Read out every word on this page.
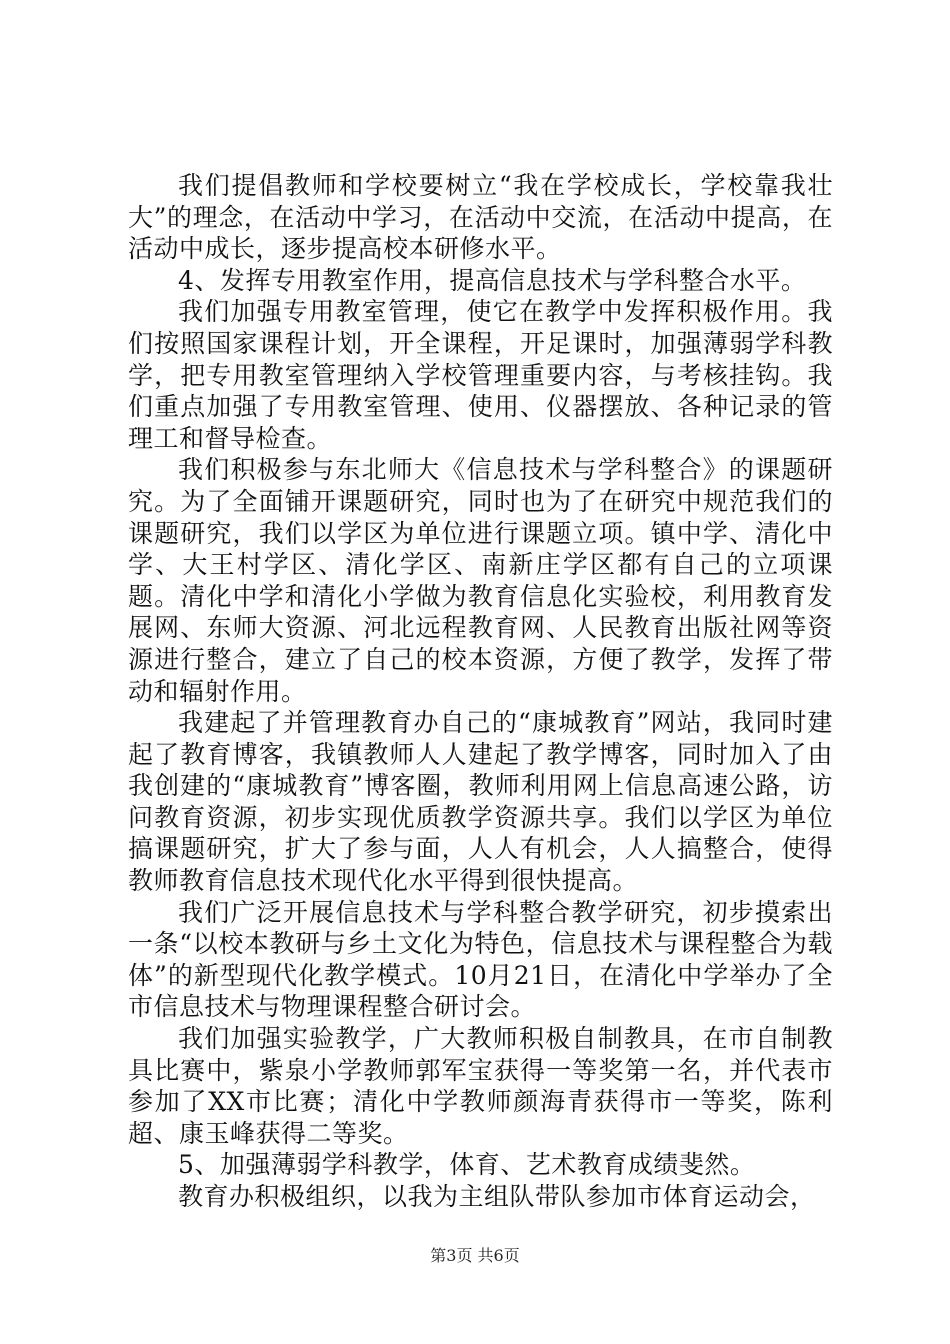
我们提倡教师和学校要树立“我在学校成长，学校靠我壮大”的理念，在活动中学习，在活动中交流，在活动中提高，在活动中成长，逐步提高校本研修水平。

4、发挥专用教室作用，提高信息技术与学科整合水平。

我们加强专用教室管理，使它在教学中发挥积极作用。我们按照国家课程计划，开全课程，开足课时，加强薄弱学科教学，把专用教室管理纳入学校管理重要内容，与考核挂钩。我们重点加强了专用教室管理、使用、仪器摆放、各种记录的管理工和督导检查。

我们积极参与东北师大《信息技术与学科整合》的课题研究。为了全面铺开课题研究，同时也为了在研究中规范我们的课题研究，我们以学区为单位进行课题立项。镇中学、清化中学、大王村学区、清化学区、南新庄学区都有自己的立项课题。清化中学和清化小学做为教育信息化实验校，利用教育发展网、东师大资源、河北远程教育网、人民教育出版社网等资源进行整合，建立了自己的校本资源，方便了教学，发挥了带动和辐射作用。

我建起了并管理教育办自己的“康城教育”网站，我同时建起了教育博客，我镇教师人人建起了教学博客，同时加入了由我创建的“康城教育”博客圈，教师利用网上信息高速公路，访问教育资源，初步实现优质教学资源共享。我们以学区为单位搞课题研究，扩大了参与面，人人有机会，人人搞整合，使得教师教育信息技术现代化水平得到很快提高。

我们广泛开展信息技术与学科整合教学研究，初步摸索出一条“以校本教研与乡土文化为特色，信息技术与课程整合为载体”的新型现代化教学模式。10月21日，在清化中学举办了全市信息技术与物理课程整合研讨会。

我们加强实验教学，广大教师积极自制教具，在市自制教具比赛中，紫泉小学教师郭军宝获得一等奖第一名，并代表市参加了XX市比赛；清化中学教师颜海青获得市一等奖，陈利超、康玉峰获得二等奖。

5、加强薄弱学科教学，体育、艺术教育成绩斐然。

教育办积极组织，以我为主组队带队参加市体育运动会，

第3页 共6页
